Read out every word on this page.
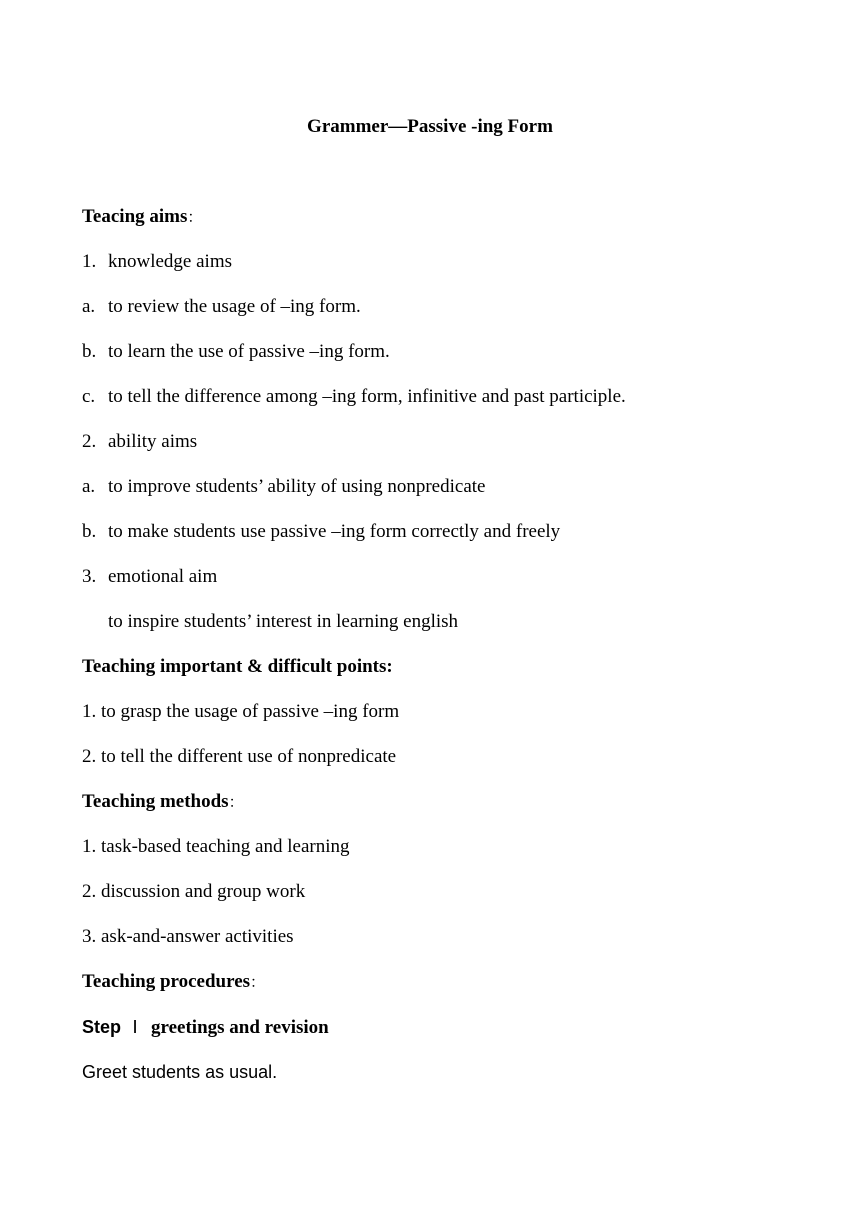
Grammer—Passive -ing Form
Teacing aims：
1. knowledge aims
a. to review the usage of –ing form.
b. to learn the use of passive –ing form.
c. to tell the difference among –ing form, infinitive and past participle.
2. ability aims
a. to improve students’ ability of using nonpredicate
b. to make students use passive –ing form correctly and freely
3. emotional aim
to inspire students’ interest in learning english
Teaching important & difficult points:
1. to grasp the usage of passive –ing form
2. to tell the different use of nonpredicate
Teaching methods：
1. task-based teaching and learning
2. discussion and group work
3. ask-and-answer activities
Teaching procedures：
Step Ⅰ greetings and revision
Greet students as usual.
